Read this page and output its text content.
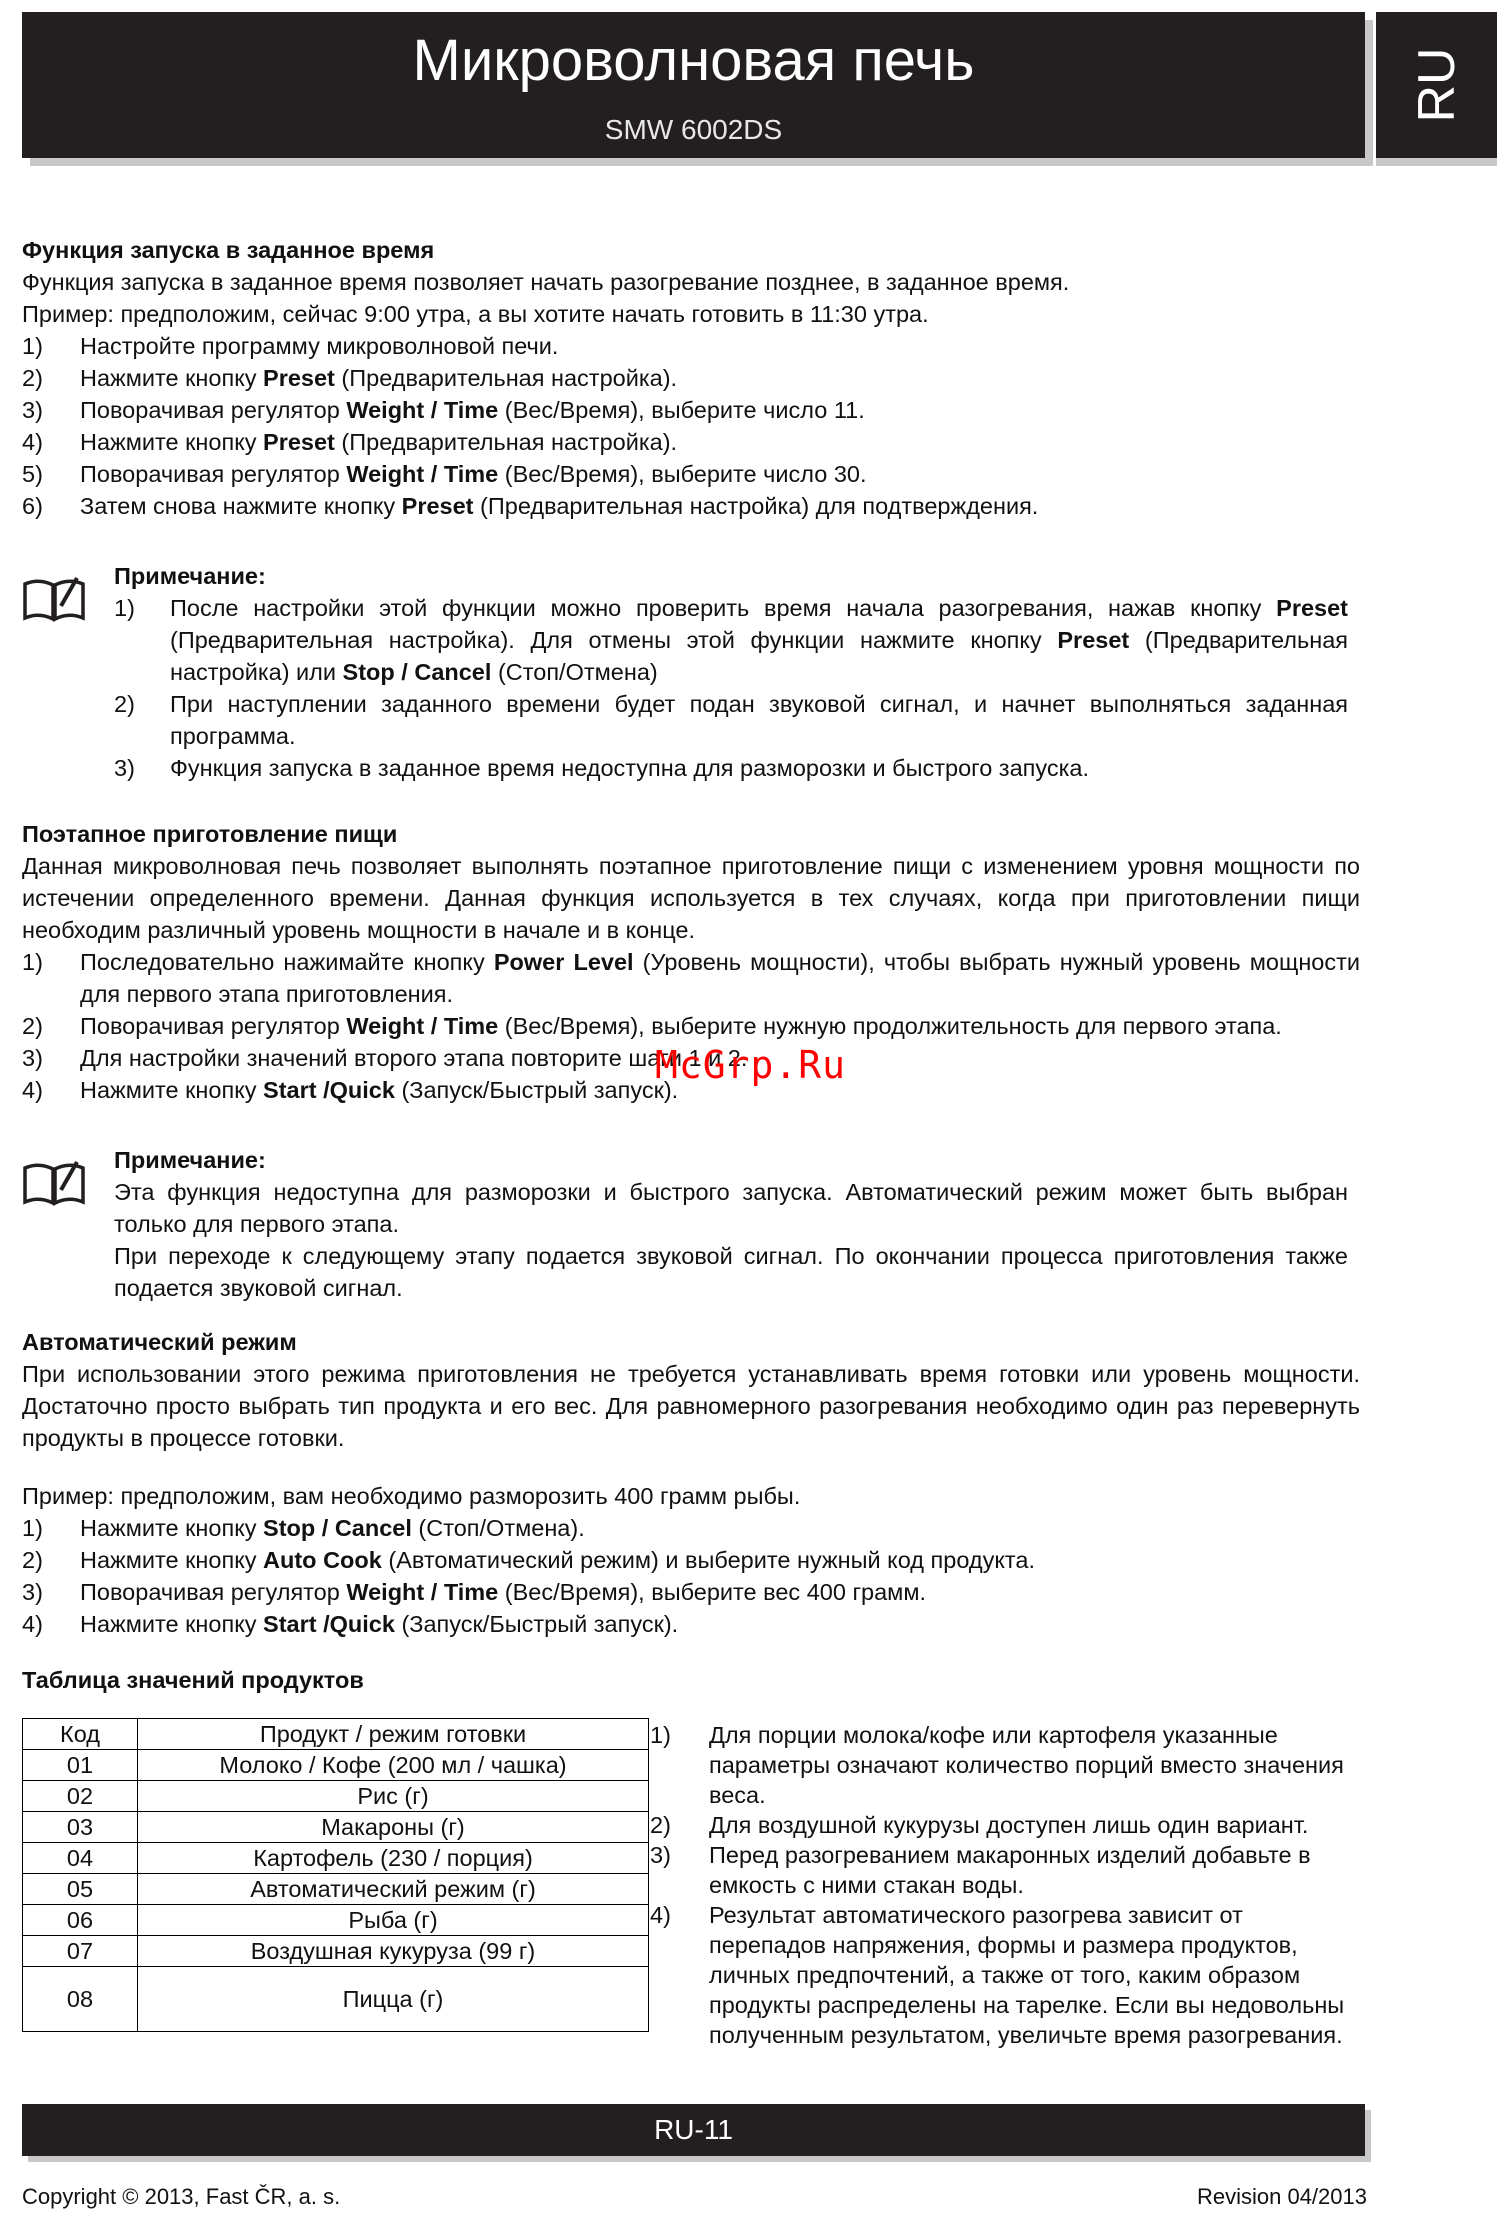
Микроволновая печь
SMW 6002DS
RU

Функция запуска в заданное время

Функция запуска в заданное время позволяет начать разогревание позднее, в заданное время.

Пример: предположим, сейчас 9:00 утра, а вы хотите начать готовить в 11:30 утра.

1) Настройте программу микроволновой печи.
2) Нажмите кнопку Preset (Предварительная настройка).
3) Поворачивая регулятор Weight / Time (Вес/Время), выберите число 11.
4) Нажмите кнопку Preset (Предварительная настройка).
5) Поворачивая регулятор Weight / Time (Вес/Время), выберите число 30.
6) Затем снова нажмите кнопку Preset (Предварительная настройка) для подтверждения.

Примечание:

1) После настройки этой функции можно проверить время начала разогревания, нажав кнопку Preset (Предварительная настройка). Для отмены этой функции нажмите кнопку Preset (Предварительная настройка) или Stop / Cancel (Стоп/Отмена)
2) При наступлении заданного времени будет подан звуковой сигнал, и начнет выполняться заданная программа.
3) Функция запуска в заданное время недоступна для разморозки и быстрого запуска.

Поэтапное приготовление пищи

Данная микроволновая печь позволяет выполнять поэтапное приготовление пищи с изменением уровня мощности по истечении определенного времени. Данная функция используется в тех случаях, когда при приготовлении пищи необходим различный уровень мощности в начале и в конце.

1) Последовательно нажимайте кнопку Power Level (Уровень мощности), чтобы выбрать нужный уровень мощности для первого этапа приготовления.
2) Поворачивая регулятор Weight / Time (Вес/Время), выберите нужную продолжительность для первого этапа.
3) Для настройки значений второго этапа повторите шаги 1 и 2.
4) Нажмите кнопку Start /Quick (Запуск/Быстрый запуск).
McGrp.Ru

Примечание:

Эта функция недоступна для разморозки и быстрого запуска. Автоматический режим может быть выбран только для первого этапа.

При переходе к следующему этапу подается звуковой сигнал. По окончании процесса приготовления также подается звуковой сигнал.

Автоматический режим

При использовании этого режима приготовления не требуется устанавливать время готовки или уровень мощности. Достаточно просто выбрать тип продукта и его вес. Для равномерного разогревания необходимо один раз перевернуть продукты в процессе готовки.

Пример: предположим, вам необходимо разморозить 400 грамм рыбы.

1) Нажмите кнопку Stop / Cancel (Стоп/Отмена).
2) Нажмите кнопку Auto Cook (Автоматический режим) и выберите нужный код продукта.
3) Поворачивая регулятор Weight / Time (Вес/Время), выберите вес 400 грамм.
4) Нажмите кнопку Start /Quick (Запуск/Быстрый запуск).

Таблица значений продуктов

Код	Продукт / режим готовки
01	Молоко / Кофе (200 мл / чашка)
02	Рис (г)
03	Макароны (г)
04	Картофель (230 / порция)
05	Автоматический режим (г)
06	Рыба (г)
07	Воздушная кукуруза (99 г)
08	Пицца (г)
1) Для порции молока/кофе или картофеля указанные параметры означают количество порций вместо значения веса.
2) Для воздушной кукурузы доступен лишь один вариант.
3) Перед разогреванием макаронных изделий добавьте в емкость с ними стакан воды.
4) Результат автоматического разогрева зависит от перепадов напряжения, формы и размера продуктов, личных предпочтений, а также от того, каким образом продукты распределены на тарелке. Если вы недовольны полученным результатом, увеличьте время разогревания.
RU-11
Copyright © 2013, Fast ČR, a. s.	Revision 04/2013
